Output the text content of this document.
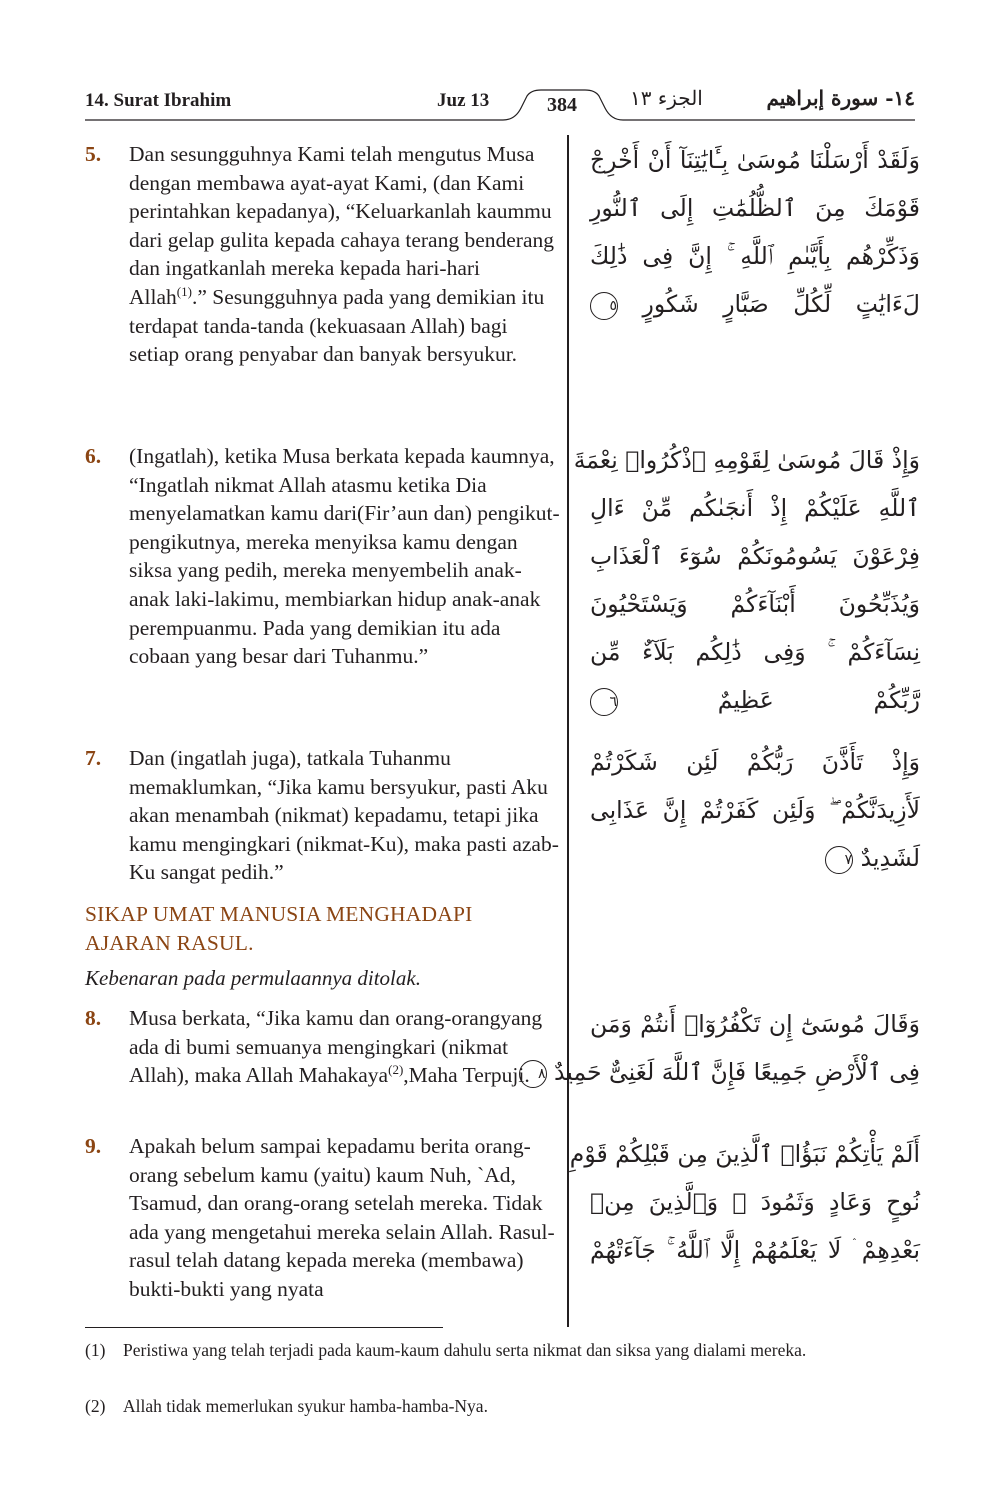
14. Surat Ibrahim	Juz 13	384	الجزء ١٣	١٤- سورة إبراهيم
5. Dan sesungguhnya Kami telah mengutus Musa dengan membawa ayat-ayat Kami, (dan Kami perintahkan kepadanya), “Keluarkanlah kaummu dari gelap gulita kepada cahaya terang benderang dan ingatkanlah mereka kepada hari-hari Allah$^{(1)}$.” Sesungguhnya pada yang demikian itu terdapat tanda-tanda (kekuasaan Allah) bagi setiap orang penyabar dan banyak bersyukur.
وَلَقَدْ أَرْسَلْنَا مُوسَىٰ بِـَٔايَٰتِنَآ أَنْ أَخْرِجْ
قَوْمَكَ مِنَ ٱلظُّلُمَٰتِ إِلَى ٱلنُّورِ
وَذَكِّرْهُم بِأَيَّىٰمِ ٱللَّهِ ۚ إِنَّ فِى ذَٰلِكَ
لَءَايَٰتٍ لِّكُلِّ صَبَّارٍ شَكُورٍ ٥
6. (Ingatlah), ketika Musa berkata kepada kaumnya, “Ingatlah nikmat Allah atasmu ketika Dia menyelamatkan kamu dari(Fir’aun dan) pengikut-pengikutnya, mereka menyiksa kamu dengan siksa yang pedih, mereka menyembelih anak-anak laki-lakimu, membiarkan hidup anak-anak perempuanmu. Pada yang demikian itu ada cobaan yang besar dari Tuhanmu.”
وَإِذْ قَالَ مُوسَىٰ لِقَوْمِهِ ٱذْكُرُوا۟ نِعْمَةَ
ٱللَّهِ عَلَيْكُمْ إِذْ أَنجَىٰكُم مِّنْ ءَالِ
فِرْعَوْنَ يَسُومُونَكُمْ سُوٓءَ ٱلْعَذَابِ
وَيُذَبِّحُونَ أَبْنَآءَكُمْ وَيَسْتَحْيُونَ
نِسَآءَكُمْ ۚ وَفِى ذَٰلِكُم بَلَآءٌ مِّن
رَّبِّكُمْ عَظِيمٌ ٦
7. Dan (ingatlah juga), tatkala Tuhanmu memaklumkan, “Jika kamu bersyukur, pasti Aku akan menambah (nikmat) kepadamu, tetapi jika kamu mengingkari (nikmat-Ku), maka pasti azab-Ku sangat pedih.”
وَإِذْ تَأَذَّنَ رَبُّكُمْ لَئِن شَكَرْتُمْ
لَأَزِيدَنَّكُمْ ۖ وَلَئِن كَفَرْتُمْ إِنَّ عَذَابِى
لَشَدِيدٌ ٧
SIKAP UMAT MANUSIA MENGHADAPI AJARAN RASUL.
Kebenaran pada permulaannya ditolak.
8. Musa berkata, “Jika kamu dan orang-orangyang ada di bumi semuanya mengingkari (nikmat Allah), maka Allah Mahakaya$^{(2)}$,Maha Terpuji.
وَقَالَ مُوسَىٰٓ إِن تَكْفُرُوٓا۟ أَنتُمْ وَمَن
فِى ٱلْأَرْضِ جَمِيعًا فَإِنَّ ٱللَّهَ لَغَنِىٌّ حَمِيدٌ ٨
9. Apakah belum sampai kepadamu berita orang-orang sebelum kamu (yaitu) kaum Nuh, `Ad, Tsamud, dan orang-orang setelah mereka. Tidak ada yang mengetahui mereka selain Allah. Rasul-rasul telah datang kepada mereka (membawa) bukti-bukti yang nyata
أَلَمْ يَأْتِكُمْ نَبَؤُا۟ ٱلَّذِينَ مِن قَبْلِكُمْ قَوْمِ
نُوحٍ وَعَادٍ وَثَمُودَ ۛ وَٱلَّذِينَ مِنۢ
بَعْدِهِمْ ۛ لَا يَعْلَمُهُمْ إِلَّا ٱللَّهُ ۚ جَآءَتْهُمْ
(1) Peristiwa yang telah terjadi pada kaum-kaum dahulu serta nikmat dan siksa yang dialami mereka.
(2) Allah tidak memerlukan syukur hamba-hamba-Nya.
